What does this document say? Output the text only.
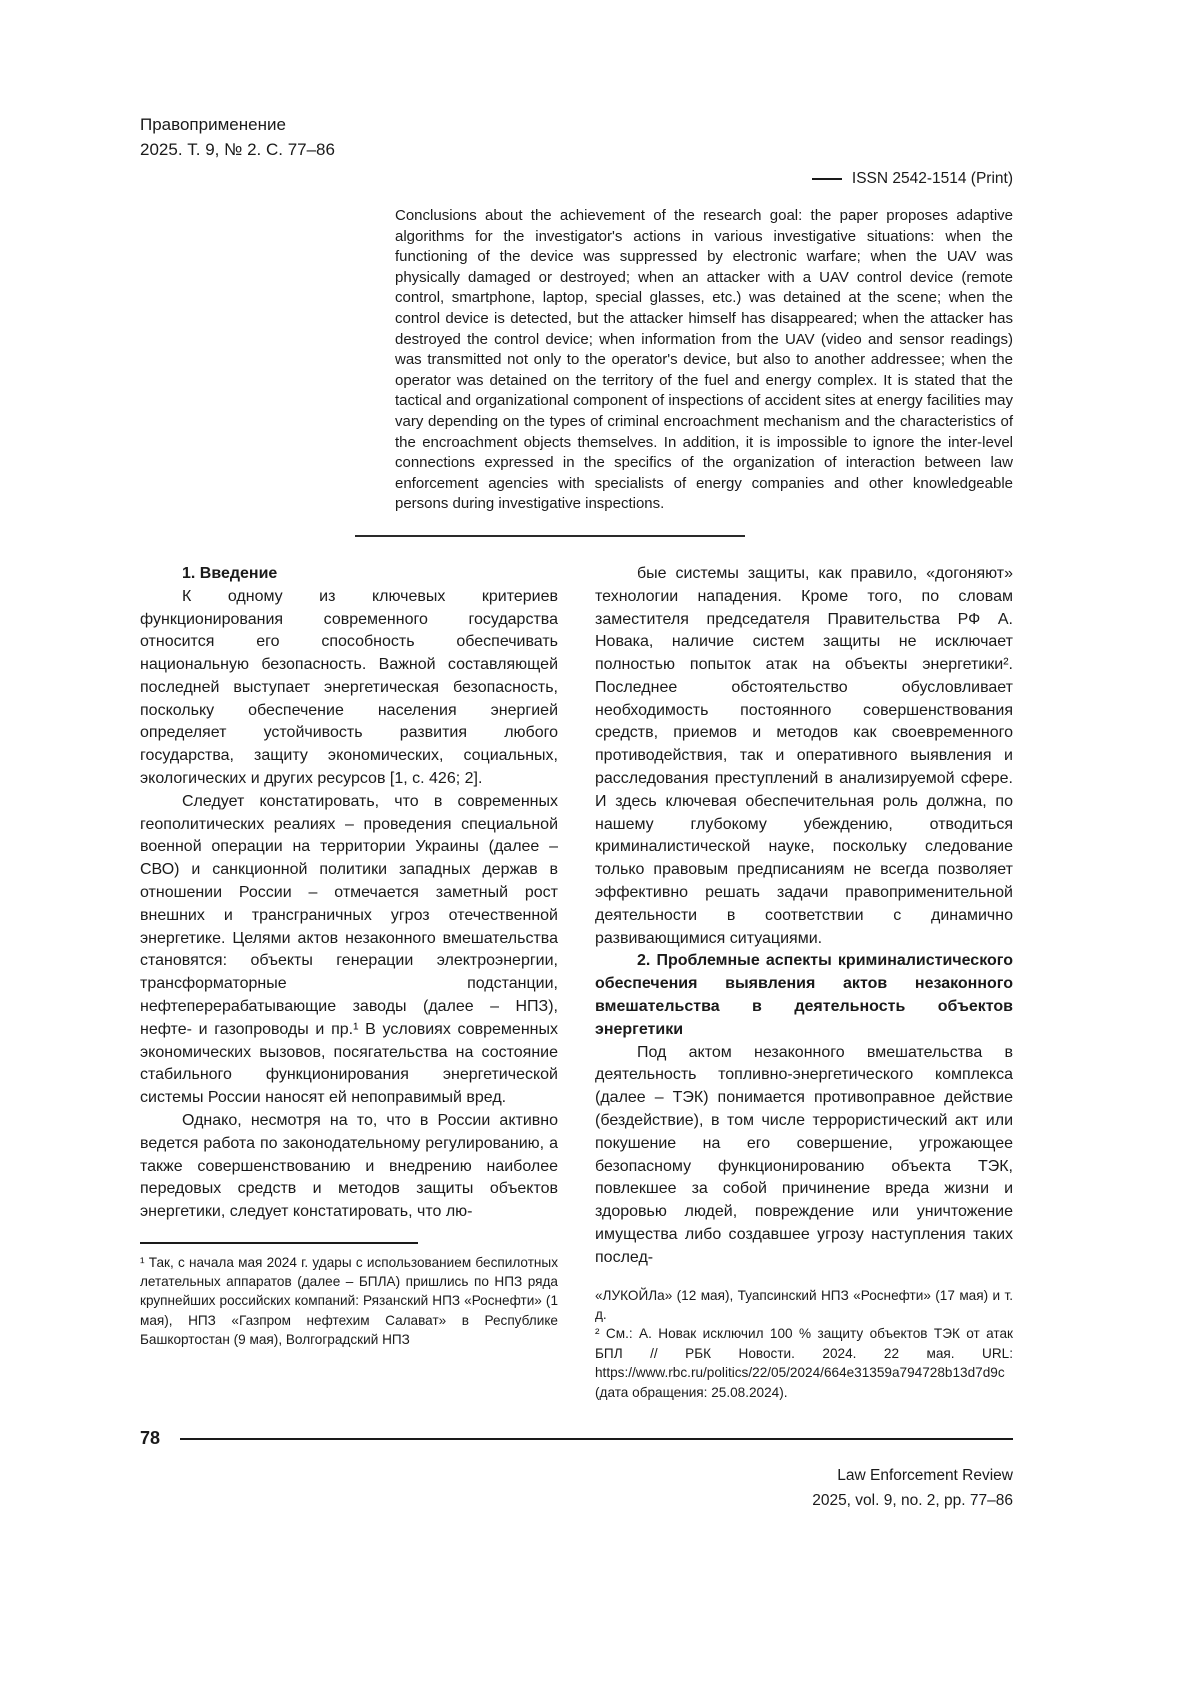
Правоприменение
2025. Т. 9, № 2. С. 77–86
ISSN 2542-1514 (Print)

Conclusions about the achievement of the research goal: the paper proposes adaptive algorithms for the investigator's actions in various investigative situations: when the functioning of the device was suppressed by electronic warfare; when the UAV was physically damaged or destroyed; when an attacker with a UAV control device (remote control, smartphone, laptop, special glasses, etc.) was detained at the scene; when the control device is detected, but the attacker himself has disappeared; when the attacker has destroyed the control device; when information from the UAV (video and sensor readings) was transmitted not only to the operator's device, but also to another addressee; when the operator was detained on the territory of the fuel and energy complex. It is stated that the tactical and organizational component of inspections of accident sites at energy facilities may vary depending on the types of criminal encroachment mechanism and the characteristics of the encroachment objects themselves. In addition, it is impossible to ignore the inter-level connections expressed in the specifics of the organization of interaction between law enforcement agencies with specialists of energy companies and other knowledgeable persons during investigative inspections.

1. Введение

К одному из ключевых критериев функционирования современного государства относится его способность обеспечивать национальную безопасность. Важной составляющей последней выступает энергетическая безопасность, поскольку обеспечение населения энергией определяет устойчивость развития любого государства, защиту экономических, социальных, экологических и других ресурсов [1, с. 426; 2].

Следует констатировать, что в современных геополитических реалиях – проведения специальной военной операции на территории Украины (далее – СВО) и санкционной политики западных держав в отношении России – отмечается заметный рост внешних и трансграничных угроз отечественной энергетике. Целями актов незаконного вмешательства становятся: объекты генерации электроэнергии, трансформаторные подстанции, нефтеперерабатывающие заводы (далее – НПЗ), нефте- и газопроводы и пр.¹ В условиях современных экономических вызовов, посягательства на состояние стабильного функционирования энергетической системы России наносят ей непоправимый вред.

Однако, несмотря на то, что в России активно ведется работа по законодательному регулированию, а также совершенствованию и внедрению наиболее передовых средств и методов защиты объектов энергетики, следует констатировать, что лю-

¹ Так, с начала мая 2024 г. удары с использованием беспилотных летательных аппаратов (далее – БПЛА) пришлись по НПЗ ряда крупнейших российских компаний: Рязанский НПЗ «Роснефти» (1 мая), НПЗ «Газпром нефтехим Салават» в Республике Башкортостан (9 мая), Волгоградский НПЗ

бые системы защиты, как правило, «догоняют» технологии нападения. Кроме того, по словам заместителя председателя Правительства РФ А. Новака, наличие систем защиты не исключает полностью попыток атак на объекты энергетики². Последнее обстоятельство обусловливает необходимость постоянного совершенствования средств, приемов и методов как своевременного противодействия, так и оперативного выявления и расследования преступлений в анализируемой сфере. И здесь ключевая обеспечительная роль должна, по нашему глубокому убеждению, отводиться криминалистической науке, поскольку следование только правовым предписаниям не всегда позволяет эффективно решать задачи правоприменительной деятельности в соответствии с динамично развивающимися ситуациями.

2. Проблемные аспекты криминалистического обеспечения выявления актов незаконного вмешательства в деятельность объектов энергетики

Под актом незаконного вмешательства в деятельность топливно-энергетического комплекса (далее – ТЭК) понимается противоправное действие (бездействие), в том числе террористический акт или покушение на его совершение, угрожающее безопасному функционированию объекта ТЭК, повлекшее за собой причинение вреда жизни и здоровью людей, повреждение или уничтожение имущества либо создавшее угрозу наступления таких послед-

«ЛУКОЙЛа» (12 мая), Туапсинский НПЗ «Роснефти» (17 мая) и т. д.

² См.: А. Новак исключил 100 % защиту объектов ТЭК от атак БПЛ // РБК Новости. 2024. 22 мая. URL: https://www.rbc.ru/politics/22/05/2024/664e31359a794728b13d7d9c (дата обращения: 25.08.2024).

78
Law Enforcement Review
2025, vol. 9, no. 2, pp. 77–86
